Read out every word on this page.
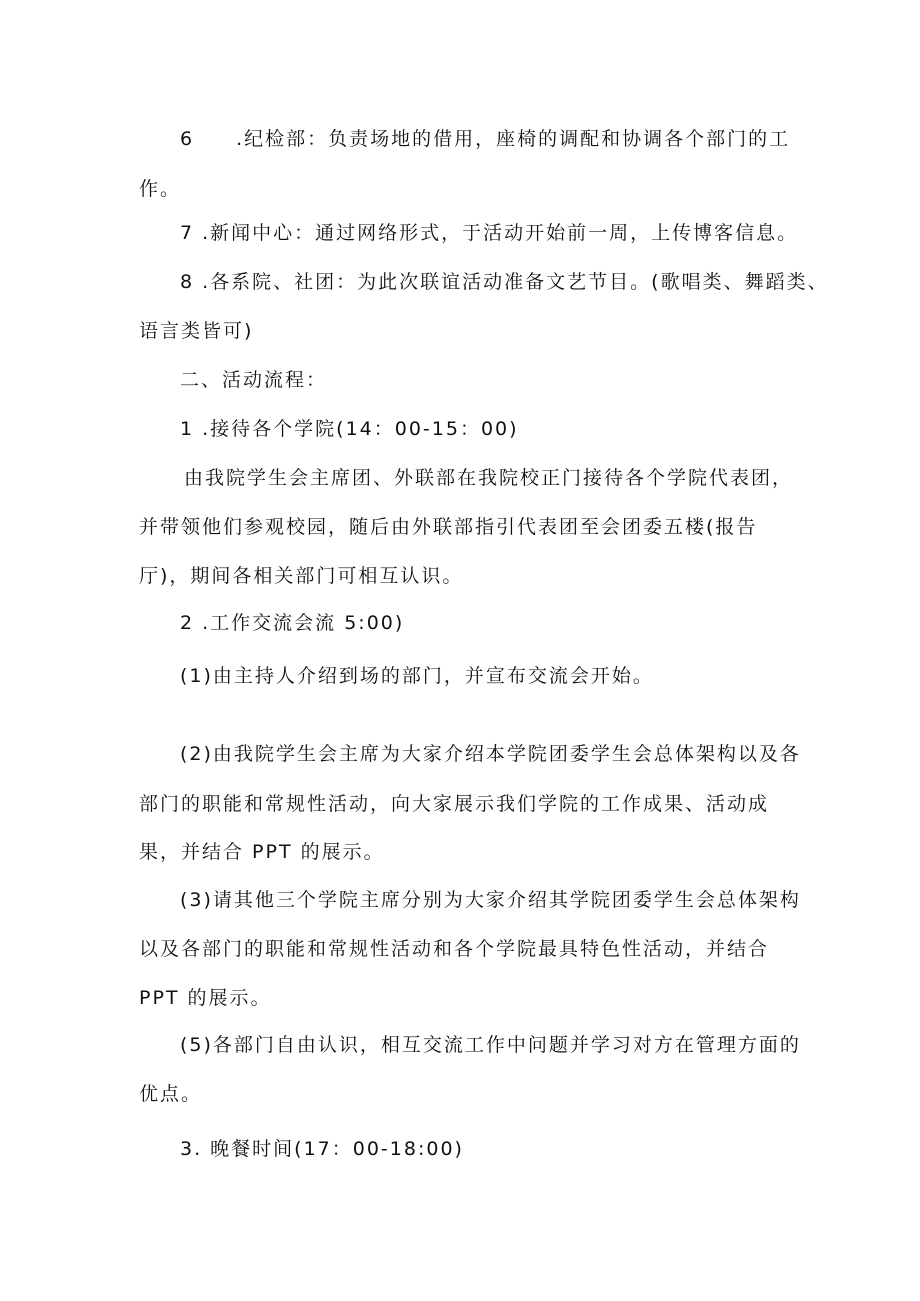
6 .纪检部：负责场地的借用，座椅的调配和协调各个部门的工
作。
7 .新闻中心：通过网络形式，于活动开始前一周，上传博客信息。
8 .各系院、社团：为此次联谊活动准备文艺节目。(歌唱类、舞蹈类、
语言类皆可)
二、活动流程：
1 .接待各个学院(14：00-15：00)
由我院学生会主席团、外联部在我院校正门接待各个学院代表团，
并带领他们参观校园，随后由外联部指引代表团至会团委五楼(报告
厅)，期间各相关部门可相互认识。
2 .工作交流会流 5:00)
(1)由主持人介绍到场的部门，并宣布交流会开始。
(2)由我院学生会主席为大家介绍本学院团委学生会总体架构以及各
部门的职能和常规性活动，向大家展示我们学院的工作成果、活动成
果，并结合 PPT 的展示。
(3)请其他三个学院主席分别为大家介绍其学院团委学生会总体架构
以及各部门的职能和常规性活动和各个学院最具特色性活动，并结合
PPT 的展示。
(5)各部门自由认识，相互交流工作中问题并学习对方在管理方面的
优点。
3. 晚餐时间(17：00-18:00)
